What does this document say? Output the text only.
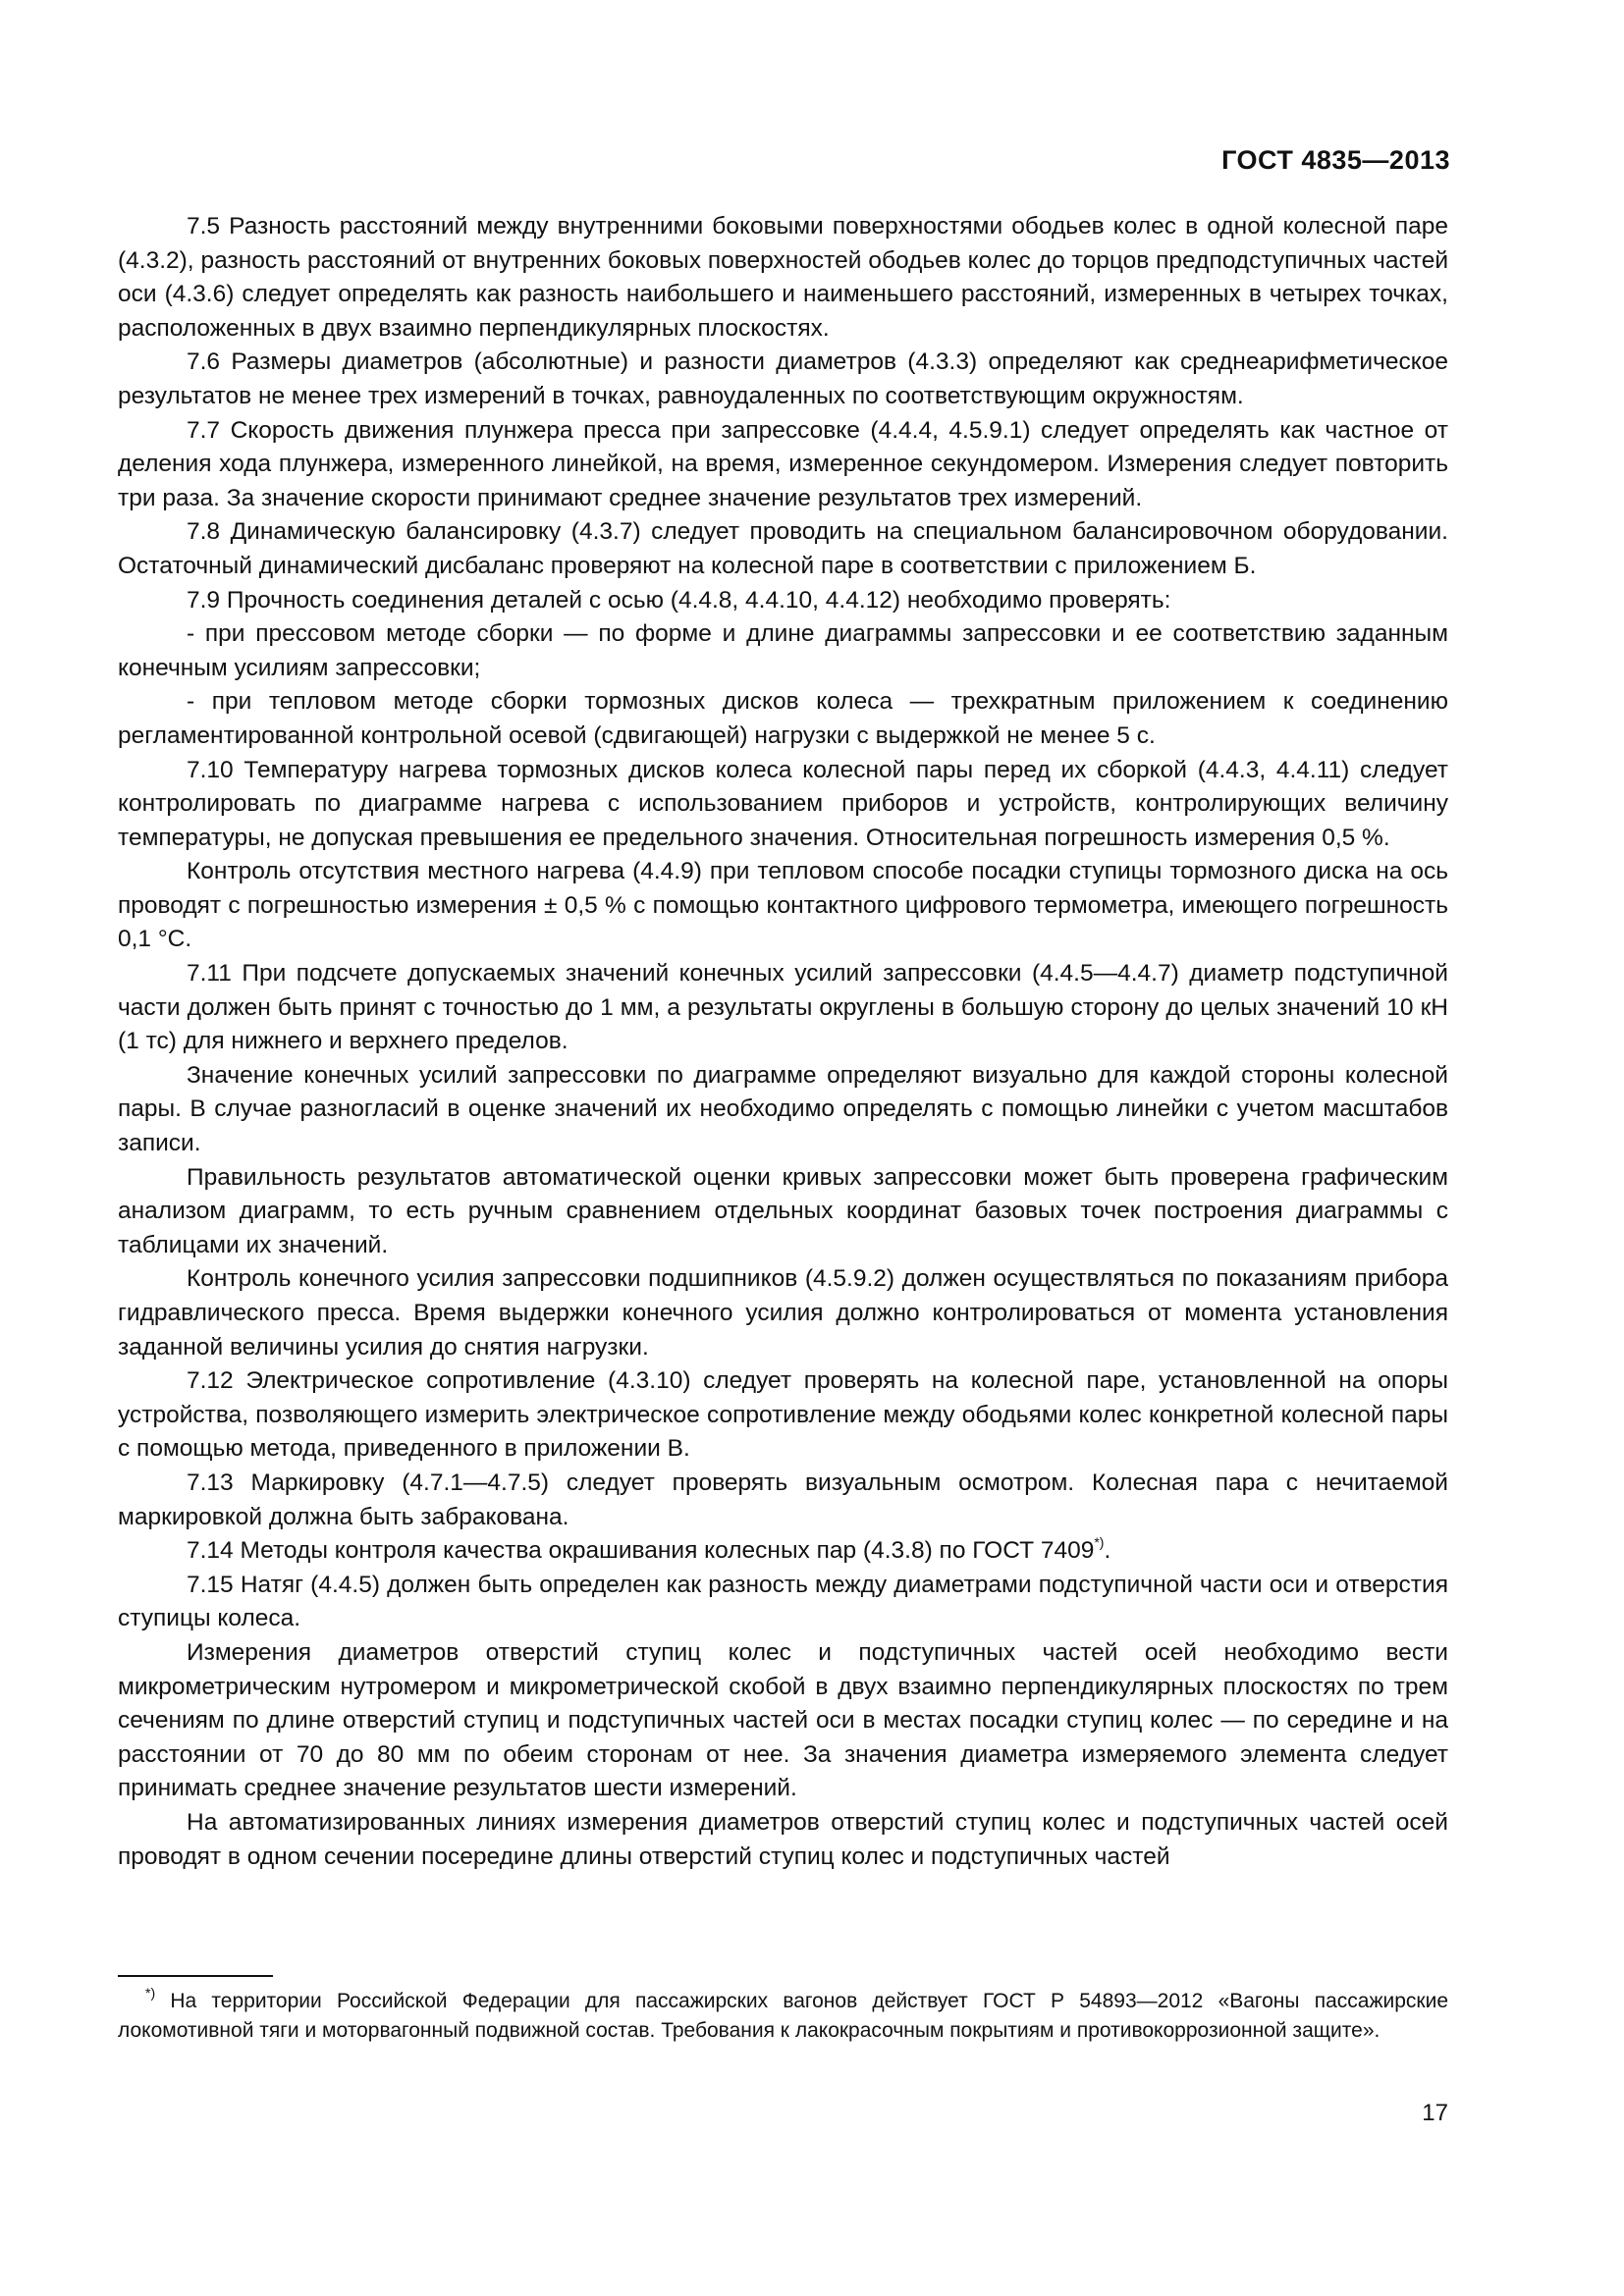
ГОСТ 4835—2013

7.5 Разность расстояний между внутренними боковыми поверхностями ободьев колес в одной колесной паре (4.3.2), разность расстояний от внутренних боковых поверхностей ободьев колес до торцов предподступичных частей оси (4.3.6) следует определять как разность наибольшего и наименьшего расстояний, измеренных в четырех точках, расположенных в двух взаимно перпендикулярных плоскостях.

7.6 Размеры диаметров (абсолютные) и разности диаметров (4.3.3) определяют как среднеарифметическое результатов не менее трех измерений в точках, равноудаленных по соответствующим окружностям.

7.7 Скорость движения плунжера пресса при запрессовке (4.4.4, 4.5.9.1) следует определять как частное от деления хода плунжера, измеренного линейкой, на время, измеренное секундомером. Измерения следует повторить три раза. За значение скорости принимают среднее значение результатов трех измерений.

7.8 Динамическую балансировку (4.3.7) следует проводить на специальном балансировочном оборудовании. Остаточный динамический дисбаланс проверяют на колесной паре в соответствии с приложением Б.

7.9 Прочность соединения деталей с осью (4.4.8, 4.4.10, 4.4.12) необходимо проверять:

- при прессовом методе сборки — по форме и длине диаграммы запрессовки и ее соответствию заданным конечным усилиям запрессовки;

- при тепловом методе сборки тормозных дисков колеса — трехкратным приложением к соединению регламентированной контрольной осевой (сдвигающей) нагрузки с выдержкой не менее 5 с.

7.10 Температуру нагрева тормозных дисков колеса колесной пары перед их сборкой (4.4.3, 4.4.11) следует контролировать по диаграмме нагрева с использованием приборов и устройств, контролирующих величину температуры, не допуская превышения ее предельного значения. Относительная погрешность измерения 0,5 %.

Контроль отсутствия местного нагрева (4.4.9) при тепловом способе посадки ступицы тормозного диска на ось проводят с погрешностью измерения ± 0,5 % с помощью контактного цифрового термометра, имеющего погрешность 0,1 °С.

7.11 При подсчете допускаемых значений конечных усилий запрессовки (4.4.5—4.4.7) диаметр подступичной части должен быть принят с точностью до 1 мм, а результаты округлены в большую сторону до целых значений 10 кН (1 тс) для нижнего и верхнего пределов.

Значение конечных усилий запрессовки по диаграмме определяют визуально для каждой стороны колесной пары. В случае разногласий в оценке значений их необходимо определять с помощью линейки с учетом масштабов записи.

Правильность результатов автоматической оценки кривых запрессовки может быть проверена графическим анализом диаграмм, то есть ручным сравнением отдельных координат базовых точек построения диаграммы с таблицами их значений.

Контроль конечного усилия запрессовки подшипников (4.5.9.2) должен осуществляться по показаниям прибора гидравлического пресса. Время выдержки конечного усилия должно контролироваться от момента установления заданной величины усилия до снятия нагрузки.

7.12 Электрическое сопротивление (4.3.10) следует проверять на колесной паре, установленной на опоры устройства, позволяющего измерить электрическое сопротивление между ободьями колес конкретной колесной пары с помощью метода, приведенного в приложении В.

7.13 Маркировку (4.7.1—4.7.5) следует проверять визуальным осмотром. Колесная пара с нечитаемой маркировкой должна быть забракована.

7.14 Методы контроля качества окрашивания колесных пар (4.3.8) по ГОСТ 7409*).

7.15 Натяг (4.4.5) должен быть определен как разность между диаметрами подступичной части оси и отверстия ступицы колеса.

Измерения диаметров отверстий ступиц колес и подступичных частей осей необходимо вести микрометрическим нутромером и микрометрической скобой в двух взаимно перпендикулярных плоскостях по трем сечениям по длине отверстий ступиц и подступичных частей оси в местах посадки ступиц колес — по середине и на расстоянии от 70 до 80 мм по обеим сторонам от нее. За значения диаметра измеряемого элемента следует принимать среднее значение результатов шести измерений.

На автоматизированных линиях измерения диаметров отверстий ступиц колес и подступичных частей осей проводят в одном сечении посередине длины отверстий ступиц колес и подступичных частей

*) На территории Российской Федерации для пассажирских вагонов действует ГОСТ Р 54893—2012 «Вагоны пассажирские локомотивной тяги и моторвагонный подвижной состав. Требования к лакокрасочным покрытиям и противокоррозионной защите».
17
